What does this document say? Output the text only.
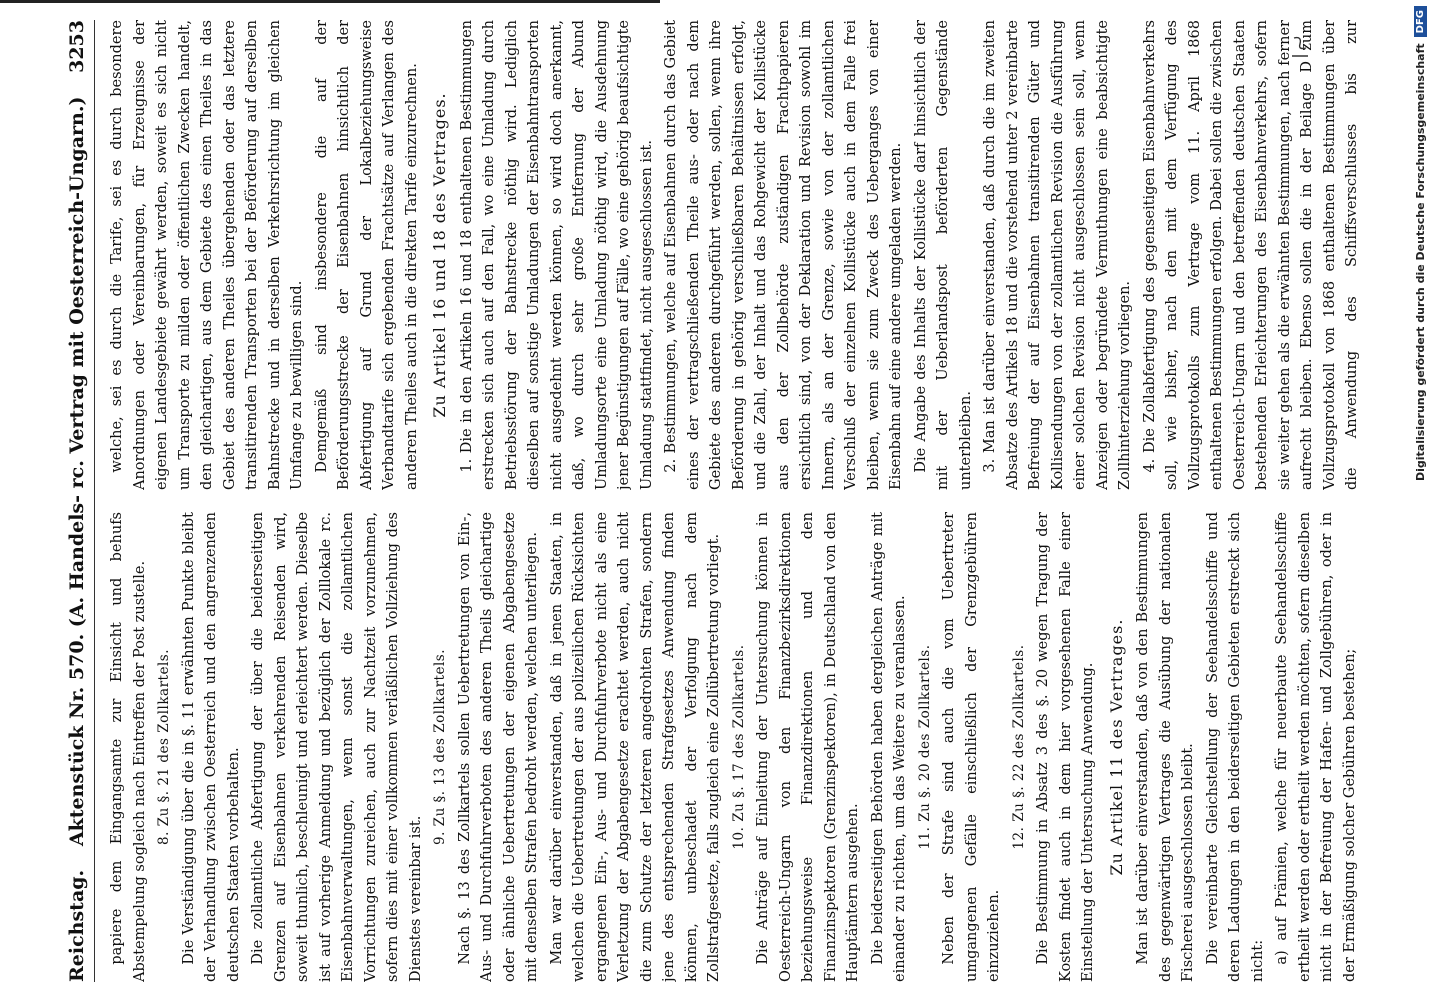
Reichstag.
Aktenstück Nr. 570. (A. Handels- rc. Vertrag mit Oesterreich-Ungarn.)
3253

papiere dem Eingangsamte zur Einsicht und behufs Abstempelung sogleich nach Eintreffen der Post zustelle. 8. Zu §. 21 des Zollkartels. Die Verständigung über die in §. 11 erwähnten Punkte bleibt der Verhandlung zwischen Oesterreich und den angrenzenden deutschen Staaten vorbehalten. Die zollamtliche Abfertigung der über die beiderseitigen Grenzen auf Eisenbahnen verkehrenden Reisenden wird, soweit thunlich, beschleunigt und erleichtert werden. Dieselbe ist auf vorherige Anmeldung und bezüglich der Zolllokale rc. Eisenbahnverwaltungen, wenn sonst die zollamtlichen Vorrichtungen zureichen, auch zur Nachtzeit vorzunehmen, sofern dies mit einer vollkommen verläßlichen Vollziehung des Dienstes vereinbar ist.

9. Zu §. 13 des Zollkartels. Nach §. 13 des Zollkartels sollen Uebertretungen von Ein-, Aus- und Durchfuhrverboten des anderen Theils gleichartige oder ähnliche Uebertretungen der eigenen Abgabengesetze mit denselben Strafen bedroht werden, welchen unterliegen. Man war darüber einverstanden, daß in jenen Staaten, in welchen die Uebertretungen der aus polizeilichen Rücksichten ergangenen Ein-, Aus- und Durchfuhrverbote nicht als eine Verletzung der Abgabengesetze erachtet werden, auch nicht die zum Schutze der letzteren angedrohten Strafen, sondern jene des entsprechenden Strafgesetzes Anwendung finden können, unbeschadet der Verfolgung nach dem Zollstrafgesetze, falls zugleich eine Zollübertretung vorliegt. 10. Zu §. 17 des Zollkartels. Die Anträge auf Einleitung der Untersuchung können in Oesterreich-Ungarn von den Finanzbezirksdirektionen beziehungsweise Finanzdirektionen und den Finanzinspektoren (Grenzinspektoren), in Deutschland von den Hauptämtern ausgehen. Die beiderseitigen Behörden haben dergleichen Anträge mit einander zu richten, um das Weitere zu veranlassen. 11. Zu §. 20 des Zollkartels. Neben der Strafe sind auch die vom Uebertreter umgangenen Gefälle einschließlich der Grenzgebühren einzuziehen.

12. Zu §. 22 des Zollkartels. Die Bestimmung in Absatz 3 des §. 20 wegen Tragung der Kosten findet auch in dem hier vorgesehenen Falle einer Einstellung der Untersuchung Anwendung. Zu Artikel 11 des Vertrages. Man ist darüber einverstanden, daß von den Bestimmungen des gegenwärtigen Vertrages die Ausübung der nationalen Fischerei ausgeschlossen bleibt. Die vereinbarte Gleichstellung der Seehandelsschiffe und deren Ladungen in den beiderseitigen Gebieten erstreckt sich nicht: a) auf Prämien, welche für neuerbaute Seehandelsschiffe ertheilt werden oder ertheilt werden möchten, sofern dieselben nicht in der Befreiung der Hafen- und Zollgebühren, oder in der Ermäßigung solcher Gebühren bestehen;

welche, sei es durch die Tarife, sei es durch besondere Anordnungen oder Vereinbarungen, für Erzeugnisse der eigenen Landesgebiete gewährt werden, soweit es sich nicht um Transporte zu milden oder öffentlichen Zwecken handelt, den gleichartigen, aus dem Gebiete des einen Theiles in das Gebiet des anderen Theiles übergehenden oder das letztere transitirenden Transporten bei der Beförderung auf derselben Bahnstrecke und in derselben Verkehrsrichtung im gleichen Umfange zu bewilligen sind. Demgemäß sind insbesondere die auf der Beförderungsstrecke der Eisenbahnen hinsichtlich der Abfertigung auf Grund der Lokalbeziehungsweise Verbandtarife sich ergebenden Frachtsätze auf Verlangen des anderen Theiles auch in die direkten Tarife einzurechnen. Zu Artikel 16 und 18 des Vertrages. 1. Die in den Artikeln 16 und 18 enthaltenen Bestimmungen erstrecken sich auch auf den Fall, wo eine Umladung durch Betriebsstörung der Bahnstrecke nöthig wird. Lediglich dieselben auf sonstige Umladungen der Eisenbahntransporten nicht ausgedehnt werden können, so wird doch anerkannt, daß, wo durch sehr große Entfernung der Abund Umladungsorte eine Umladung nöthig wird, die Ausdehnung jener Begünstigungen auf Fälle, wo eine gehörig beaufsichtigte Umladung stattfindet, nicht ausgeschlossen ist. 2. Bestimmungen, welche auf Eisenbahnen durch das Gebiet eines der vertragschließenden Theile aus- oder nach dem Gebiete des anderen durchgeführt werden, sollen, wenn ihre Beförderung in gehörig verschließbaren Behältnissen erfolgt, und die Zahl, der Inhalt und das Rohgewicht der Kollistücke aus den der Zollbehörde zuständigen Frachtpapieren ersichtlich sind, von der Deklaration und Revision sowohl im Innern, als an der Grenze, sowie von der zollamtlichen Verschluß der einzelnen Kollistücke auch in dem Falle frei bleiben, wenn sie zum Zweck des Ueberganges von einer Eisenbahn auf eine andere umgeladen werden. Die Angabe des Inhalts der Kollistücke darf hinsichtlich der mit der Ueberlandspost beförderten Gegenstände unterbleiben. 3. Man ist darüber einverstanden, daß durch die im zweiten Absatze des Artikels 18 und die vorstehend unter 2 vereinbarte Befreiung der auf Eisenbahnen transitirenden Güter und Kollisendungen von der zollamtlichen Revision die Ausführung einer solchen Revision nicht ausgeschlossen sein soll, wenn Anzeigen oder begründete Vermuthungen eine beabsichtigte Zollhinterziehung vorliegen. 4. Die Zollabfertigung des gegenseitigen Eisenbahnverkehrs soll, wie bisher, nach den mit dem Verfügung des Vollzugsprotokolls zum Vertrage vom 11. April 1868 enthaltenen Bestimmungen erfolgen. Dabei sollen die zwischen Oesterreich-Ungarn und den betreffenden deutschen Staaten bestehenden Erleichterungen des Eisenbahnverkehrs, sofern sie weiter gehen als die erwähnten Bestimmungen, nach ferner aufrecht bleiben. Ebenso sollen die in der Beilage D zum Vollzugsprotokoll von 1868 enthaltenen Bestimmungen über die Anwendung des Schiffsverschlusses bis zur

Digitalisierung gefördert durch die Deutsche Forschungsgemeinschaft
DFG
